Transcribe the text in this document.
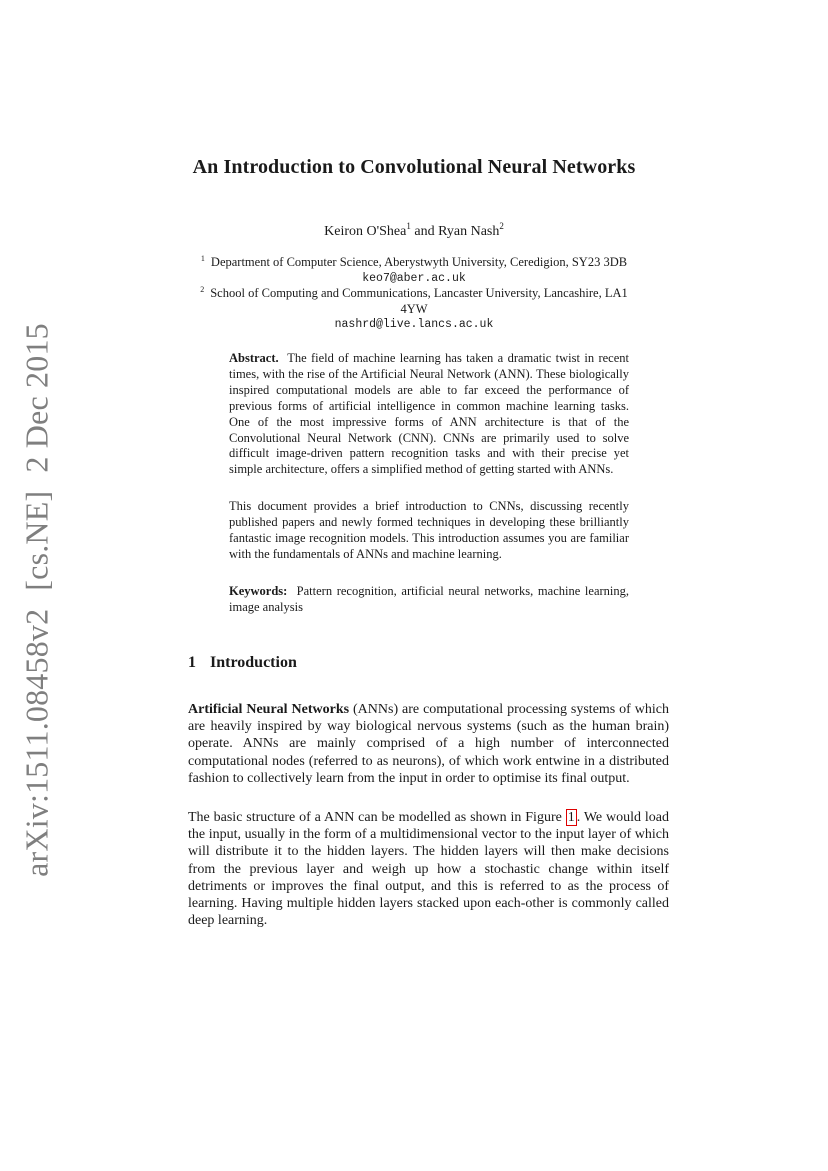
arXiv:1511.08458v2[cs.NE]2 Dec 2015
An Introduction to Convolutional Neural Networks
Keiron O'Shea$^1$ and Ryan Nash$^2$
$^1$ Department of Computer Science, Aberystwyth University, Ceredigion, SY23 3DB
keo7@aber.ac.uk
$^2$ School of Computing and Communications, Lancaster University, Lancashire, LA1
4YW
nashrd@live.lancs.ac.uk

Abstract. The field of machine learning has taken a dramatic twist in recent times, with the rise of the Artificial Neural Network (ANN). These biologically inspired computational models are able to far exceed the performance of previous forms of artificial intelligence in common machine learning tasks. One of the most impressive forms of ANN architecture is that of the Convolutional Neural Network (CNN). CNNs are primarily used to solve difficult image-driven pattern recognition tasks and with their precise yet simple architecture, offers a simplified method of getting started with ANNs.

This document provides a brief introduction to CNNs, discussing recently published papers and newly formed techniques in developing these brilliantly fantastic image recognition models. This introduction assumes you are familiar with the fundamentals of ANNs and machine learning.

Keywords: Pattern recognition, artificial neural networks, machine learning, image analysis

1 Introduction

Artificial Neural Networks (ANNs) are computational processing systems of which are heavily inspired by way biological nervous systems (such as the human brain) operate. ANNs are mainly comprised of a high number of interconnected computational nodes (referred to as neurons), of which work entwine in a distributed fashion to collectively learn from the input in order to optimise its final output.

The basic structure of a ANN can be modelled as shown in Figure 1 . We would load the input, usually in the form of a multidimensional vector to the input layer of which will distribute it to the hidden layers. The hidden layers will then make decisions from the previous layer and weigh up how a stochastic change within itself detriments or improves the final output, and this is referred to as the process of learning. Having multiple hidden layers stacked upon each-other is commonly called deep learning.
